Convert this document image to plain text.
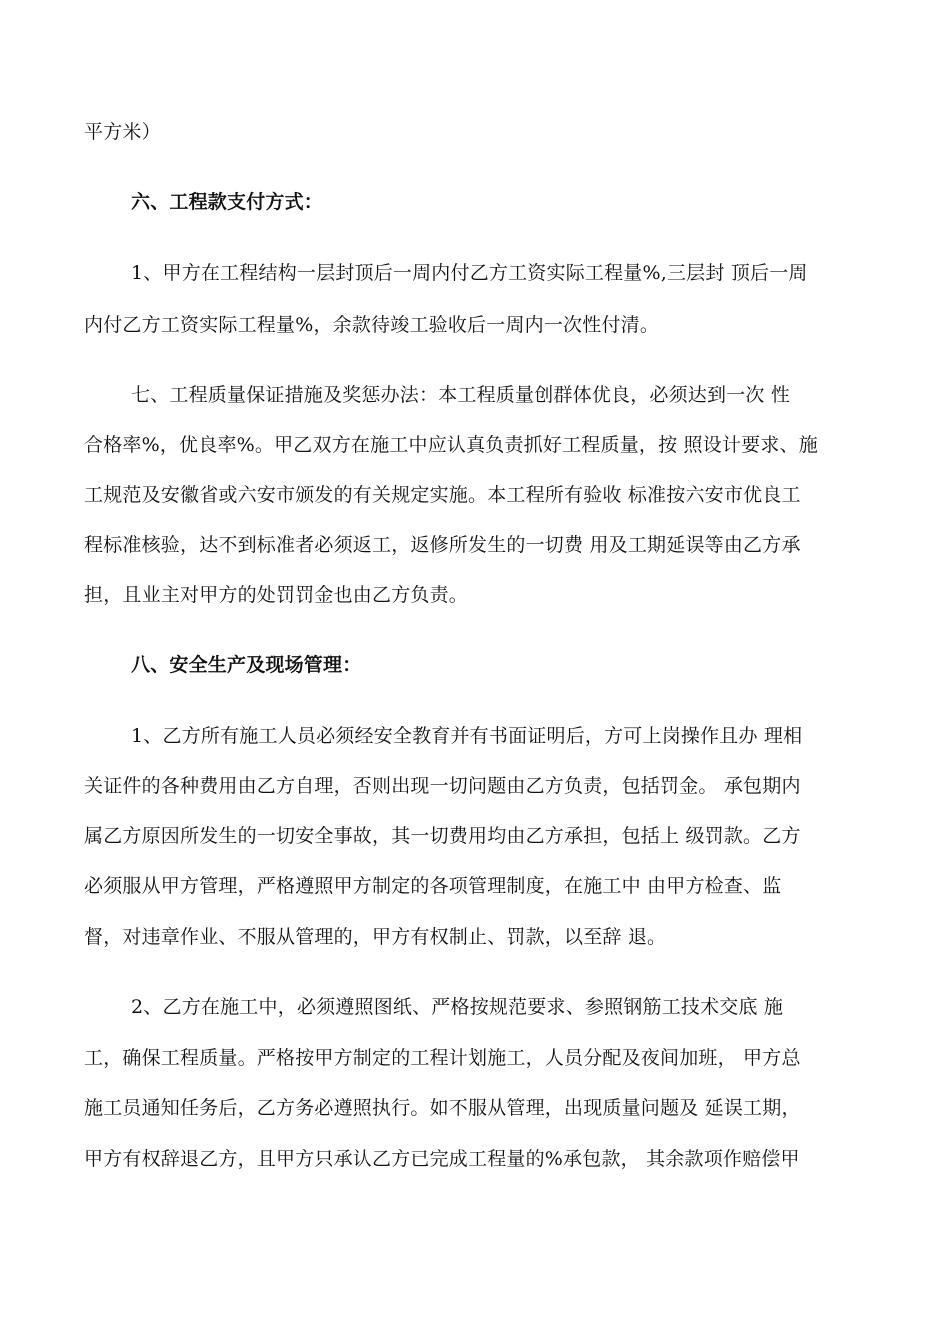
平方米）
六、工程款支付方式：
1、甲方在工程结构一层封顶后一周内付乙方工资实际工程量%,三层封 顶后一周
内付乙方工资实际工程量%，余款待竣工验收后一周内一次性付清。
七、工程质量保证措施及奖惩办法：本工程质量创群体优良，必须达到一次 性
合格率%，优良率%。甲乙双方在施工中应认真负责抓好工程质量，按 照设计要求、施
工规范及安徽省或六安市颁发的有关规定实施。本工程所有验收 标准按六安市优良工
程标准核验，达不到标准者必须返工，返修所发生的一切费 用及工期延误等由乙方承
担，且业主对甲方的处罚罚金也由乙方负责。
八、安全生产及现场管理：
1、乙方所有施工人员必须经安全教育并有书面证明后，方可上岗操作且办 理相
关证件的各种费用由乙方自理，否则出现一切问题由乙方负责，包括罚金。 承包期内
属乙方原因所发生的一切安全事故，其一切费用均由乙方承担，包括上 级罚款。乙方
必须服从甲方管理，严格遵照甲方制定的各项管理制度，在施工中 由甲方检查、监
督，对违章作业、不服从管理的，甲方有权制止、罚款，以至辞 退。
2、乙方在施工中，必须遵照图纸、严格按规范要求、参照钢筋工技术交底 施
工，确保工程质量。严格按甲方制定的工程计划施工，人员分配及夜间加班， 甲方总
施工员通知任务后，乙方务必遵照执行。如不服从管理，出现质量问题及 延误工期，
甲方有权辞退乙方，且甲方只承认乙方已完成工程量的%承包款， 其余款项作赔偿甲
